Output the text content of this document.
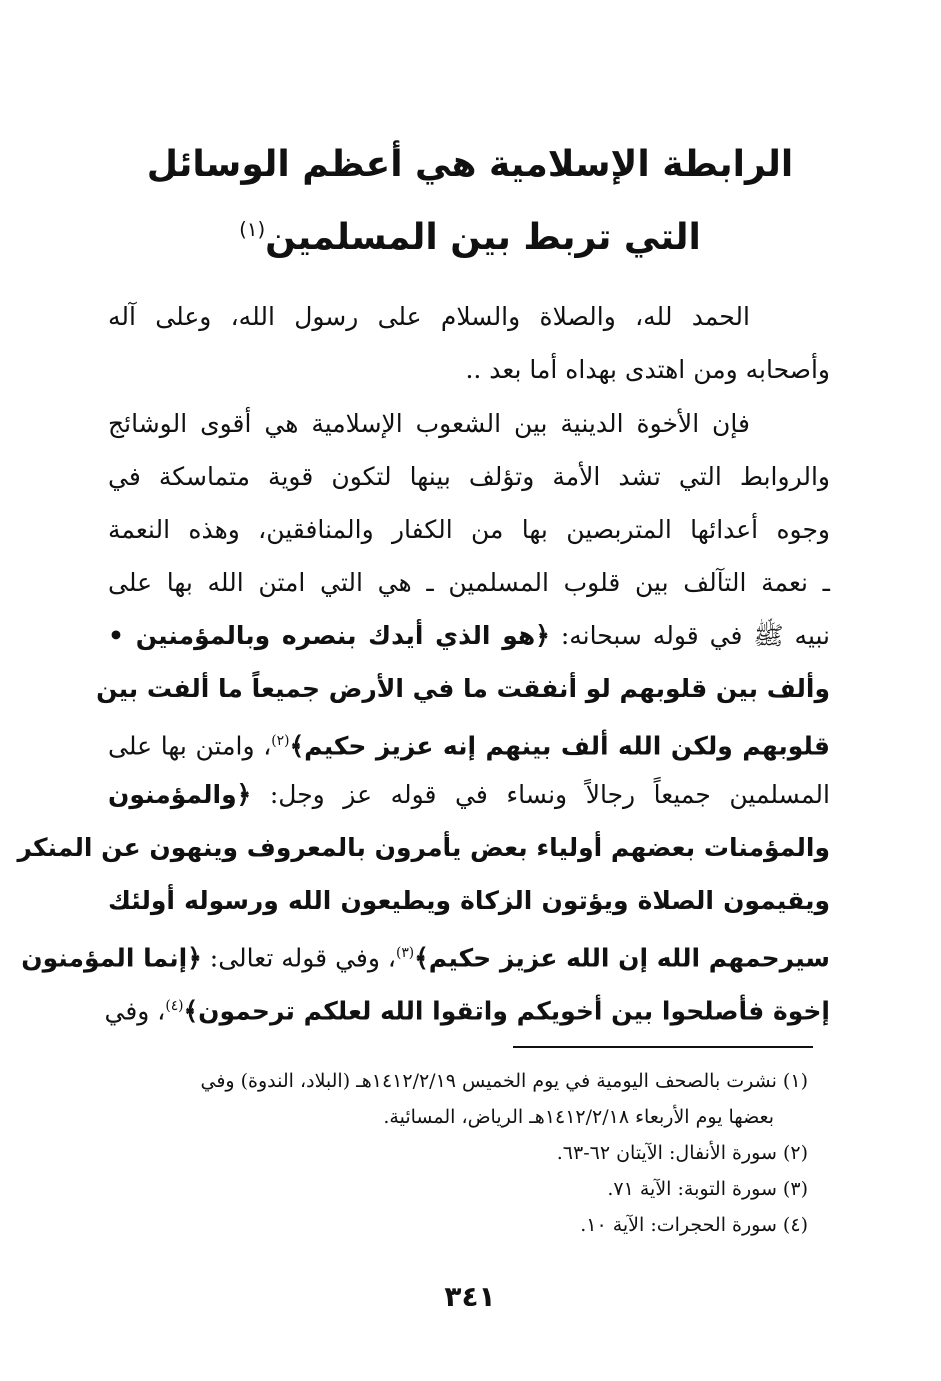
الرابطة الإسلامية هي أعظم الوسائل
التي تربط بين المسلمين$^{(١)}$
الحمد لله، والصلاة والسلام على رسول الله، وعلى آله
وأصحابه ومن اهتدى بهداه أما بعد ..
فإن الأخوة الدينية بين الشعوب الإسلامية هي أقوى الوشائج
والروابط التي تشد الأمة وتؤلف بينها لتكون قوية متماسكة في
وجوه أعدائها المتربصين بها من الكفار والمنافقين، وهذه النعمة
ـ نعمة التآلف بين قلوب المسلمين ـ هي التي امتن الله بها على
نبيه ﷺ في قوله سبحانه: ﴿هو الذي أيدك بنصره وبالمؤمنين •
وألف بين قلوبهم لو أنفقت ما في الأرض جميعاً ما ألفت بين
قلوبهم ولكن الله ألف بينهم إنه عزيز حكيم﴾$^{(٢)}$، وامتن بها على
المسلمين جميعاً رجالاً ونساء في قوله عز وجل: ﴿والمؤمنون
والمؤمنات بعضهم أولياء بعض يأمرون بالمعروف وينهون عن المنكر
ويقيمون الصلاة ويؤتون الزكاة ويطيعون الله ورسوله أولئك
سيرحمهم الله إن الله عزيز حكيم﴾$^{(٣)}$، وفي قوله تعالى: ﴿إنما المؤمنون
إخوة فأصلحوا بين أخويكم واتقوا الله لعلكم ترحمون﴾$^{(٤)}$، وفي
(١) نشرت بالصحف اليومية في يوم الخميس ١٤١٢/٢/١٩هـ (البلاد، الندوة) وفي
بعضها يوم الأربعاء ١٤١٢/٢/١٨هـ الرياض، المسائية.
(٢) سورة الأنفال: الآيتان ٦٢-٦٣.
(٣) سورة التوبة: الآية ٧١.
(٤) سورة الحجرات: الآية ١٠.
٣٤١
